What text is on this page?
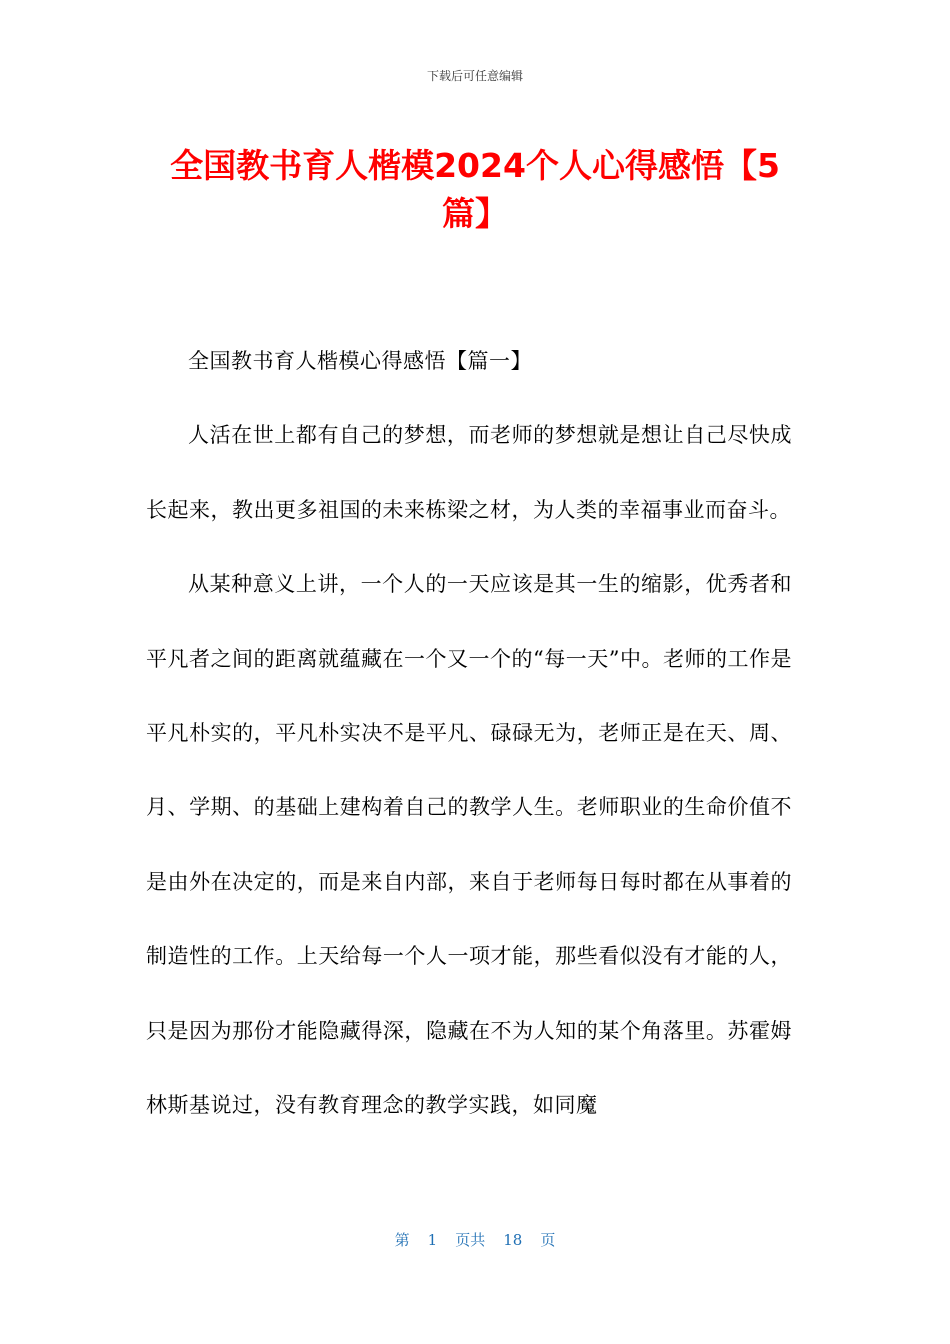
下载后可任意编辑
全国教书育人楷模2024个人心得感悟【5篇】

全国教书育人楷模心得感悟【篇一】

人活在世上都有自己的梦想，而老师的梦想就是想让自己尽快成长起来，教出更多祖国的未来栋梁之材，为人类的幸福事业而奋斗。

从某种意义上讲，一个人的一天应该是其一生的缩影，优秀者和平凡者之间的距离就蕴藏在一个又一个的“每一天”中。老师的工作是平凡朴实的，平凡朴实决不是平凡、碌碌无为，老师正是在天、周、月、学期、的基础上建构着自己的教学人生。老师职业的生命价值不是由外在决定的，而是来自内部，来自于老师每日每时都在从事着的制造性的工作。上天给每一个人一项才能，那些看似没有才能的人，只是因为那份才能隐藏得深，隐藏在不为人知的某个角落里。苏霍姆林斯基说过，没有教育理念的教学实践，如同魔

第 1 页共 18 页
